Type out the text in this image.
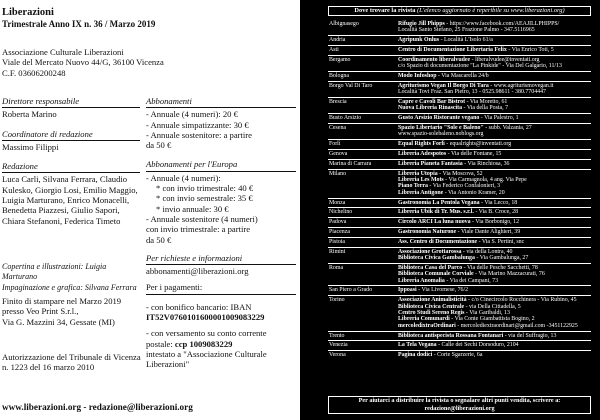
Liberazioni
Trimestrale Anno IX n. 36 / Marzo 2019
Associazione Culturale Liberazioni
Viale del Mercato Nuovo 44/G, 36100 Vicenza
C.F. 03606200248
Direttore responsabile
Roberta Marino
Coordinatore di redazione
Massimo Filippi
Redazione
Luca Carli, Silvana Ferrara, Claudio
Kulesko, Giorgio Losi, Emilio Maggio,
Luigia Marturano, Enrico Monacelli,
Benedetta Piazzesi, Giulio Sapori,
Chiara Stefanoni, Federica Timeto
Copertina e illustrazioni: Luigia Marturano
Impaginazione e grafica: Silvana Ferrara
Finito di stampare nel Marzo 2019
presso Veo Print S.r.l.,
Via G. Mazzini 34, Gessate (MI)
Autorizzazione del Tribunale di Vicenza
n. 1223 del 16 marzo 2010
Abbonamenti
- Annuale (4 numeri): 20 €
- Annuale simpatizzante: 30 €
- Annuale sostenitore: a partire
da 50 €
Abbonamenti per l'Europa
- Annuale (4 numeri):
* con invio trimestrale: 40 €
* con invio semestrale: 35 €
* invio annuale: 30 €
- Annuale sostenitore (4 numeri)
con invio trimestrale: a partire
da 50 €
Per richieste e informazioni
abbonamenti@liberazioni.org
Per i pagamenti:
- con bonifico bancario: IBAN
IT52V0760101600001009083229
- con versamento su conto corrente
postale: ccp 1009083229
intestato a "Associazione Culturale
Liberazioni"
www.liberazioni.org - redazione@liberazioni.org
Dove trovare la rivista (L'elenco aggiornato è reperibile su www.liberazioni.org)
Albignasego	Rifugio Jill Phipps - https://www.facebook.com/AEAJILLPHIPPS/
Località Santo Stefano, 25 Frazione Palmo - 347.5116965
Andria	Agripunk Onlus - Località L'Isolo 61/a
Asti	Centro di Documentazione Libertaria Felix - Via Enrico Toti, 5
Bergamo	Coordinamento liberalvudee - liberalvudee@inventati.org
c/o Spazio di documentazione "La Pinkide" - Via Del Galgario, 11/13
Bologna	Modo Infoshop - Via Mascarella 24/b
Borgo Val Di Taro	Agriturismo Vegan Il Borgo Di Tara - www.agriturismovegan.it
Località Tovi Fraz. San Pietro, 13 - 0525.98611 - 380.7704447
Brescia	Capre e Cavoli Bar Bistrot - Via Moretto, 61
Nuova Libreria Rinascita - Via della Posta, 7
Busto Arsizio	Gusto Arsizio Ristorante vegano - Via Palestro, 1
Cesena	Spazio Libertario "Sole e Baleno" - subb. Valzania, 27
www.spazio-solebaleno.noblogs.org
Forlì	Equal Rights Forlì - equalrights@inventati.org
Genova	Libreria Adespotos - Via delle Fontane, 15
Marina di Carrara	Libreria Pianeta Fantasia - Via Rinchiosa, 36
Milano	Libreria Utopia - Via Moscova, 52
Libreria Les Mots - Via Carmagnola, 4 ang. Via Pepe
Piano Terra - Via Federico Confalonieri, 3
Libreria Antigone - Via Antonio Kramer, 20
Monza	Gastronomia La Pentola Vegana - Via Lecco, 18
Nichelino	Libreria Ubik di Tr. Mus. s.r.l. - Via B. Croce, 28
Padova	Circolo ARCI La luna nuova - Via Borbonigo, 12
Piacenza	Gastronomia Naturone - Viale Dante Alighieri, 39
Pistoia	Ass. Centro di Documentazione - Via S. Pertini, snc
Rimini	Associazione Grottarossa - via della Lontra, 40
Biblioteca Civica Gambalunga - Via Gambalunga, 27
Roma	Biblioteca Casa del Parco - Via delle Pesche Sacchetti, 78
Biblioteca Comunale Corviale - Via Marino Mazzacurati, 76
Libreria Anomalia - Via dei Campani, 73
San Piero a Grado	Ippoasi - Via Livornese, 76/2
Torino	Associazione Animalisticità - c/o Cinecircolo Rocchinera - Via Rubino, 45
Biblioteca Civica Centrale - via Della Cittadella, 5
Centro Studi Sereno Regis - Via Garibaldi, 13
Libreria Comunardi - Via Conte Giambattista Bogino, 2
mercoledìxtraOrdinari - mercolediextraordinari@gmail.com -3451122925
Trento	Biblioteca antispecista Rossana Fontanari - via del Suffragio, 13
Venezia	La Tela Vegana - Calle dei Sechi Dorsoduro, 2104
Verona	Pagina dodici - Corte Sgarzerie, 6a
Per aiutarci a distribuire la rivista o segnalare altri punti vendita, scrivere a: redazione@liberazioni.org
